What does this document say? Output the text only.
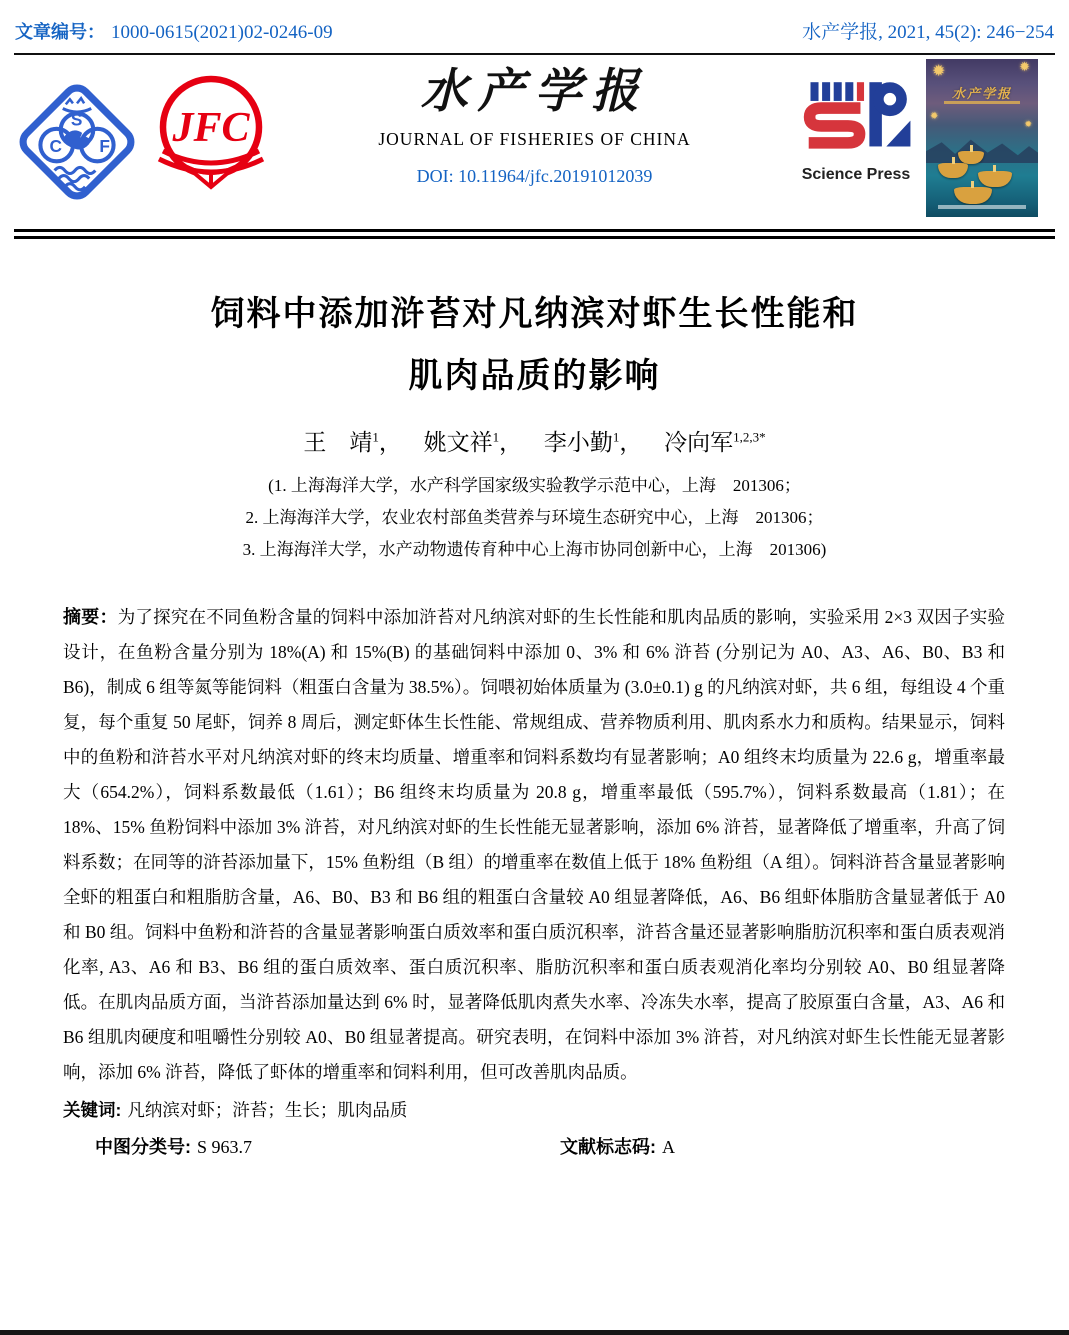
文章编号： 1000-0615(2021)02-0246-09	水产学报, 2021, 45(2): 246−254
C
S
F JFC
水产学报
JOURNAL OF FISHERIES OF CHINA
DOI: 10.11964/jfc.20191012039	Science Press
✹	✹
✹
✹
水产学报
饲料中添加浒苔对凡纳滨对虾生长性能和
肌肉品质的影响
王　靖$^1$， 姚文祥$^1$， 李小勤$^1$， 冷向军$^{1,2,3*}$
(1. 上海海洋大学，水产科学国家级实验教学示范中心，上海　201306；
2. 上海海洋大学，农业农村部鱼类营养与环境生态研究中心，上海　201306；
3. 上海海洋大学，水产动物遗传育种中心上海市协同创新中心，上海　201306)

摘要：为了探究在不同鱼粉含量的饲料中添加浒苔对凡纳滨对虾的生长性能和肌肉品质的影响，实验采用 2×3 双因子实验设计，在鱼粉含量分别为 18%(A) 和 15%(B) 的基础饲料中添加 0、3% 和 6% 浒苔 (分别记为 A0、A3、A6、B0、B3 和 B6)，制成 6 组等氮等能饲料（粗蛋白含量为 38.5%）。饲喂初始体质量为 (3.0±0.1) g 的凡纳滨对虾，共 6 组，每组设 4 个重复，每个重复 50 尾虾，饲养 8 周后，测定虾体生长性能、常规组成、营养物质利用、肌肉系水力和质构。结果显示，饲料中的鱼粉和浒苔水平对凡纳滨对虾的终末均质量、增重率和饲料系数均有显著影响；A0 组终末均质量为 22.6 g，增重率最大（654.2%），饲料系数最低（1.61）；B6 组终末均质量为 20.8 g，增重率最低（595.7%），饲料系数最高（1.81）；在 18%、15% 鱼粉饲料中添加 3% 浒苔，对凡纳滨对虾的生长性能无显著影响，添加 6% 浒苔，显著降低了增重率，升高了饲料系数；在同等的浒苔添加量下，15% 鱼粉组（B 组）的增重率在数值上低于 18% 鱼粉组（A 组）。饲料浒苔含量显著影响全虾的粗蛋白和粗脂肪含量，A6、B0、B3 和 B6 组的粗蛋白含量较 A0 组显著降低，A6、B6 组虾体脂肪含量显著低于 A0 和 B0 组。饲料中鱼粉和浒苔的含量显著影响蛋白质效率和蛋白质沉积率，浒苔含量还显著影响脂肪沉积率和蛋白质表观消化率, A3、A6 和 B3、B6 组的蛋白质效率、蛋白质沉积率、脂肪沉积率和蛋白质表观消化率均分别较 A0、B0 组显著降低。在肌肉品质方面，当浒苔添加量达到 6% 时，显著降低肌肉煮失水率、冷冻失水率，提高了胶原蛋白含量，A3、A6 和 B6 组肌肉硬度和咀嚼性分别较 A0、B0 组显著提高。研究表明，在饲料中添加 3% 浒苔，对凡纳滨对虾生长性能无显著影响，添加 6% 浒苔，降低了虾体的增重率和饲料利用，但可改善肌肉品质。

关键词: 凡纳滨对虾；浒苔；生长；肌肉品质

中图分类号: S 963.7	文献标志码: A
